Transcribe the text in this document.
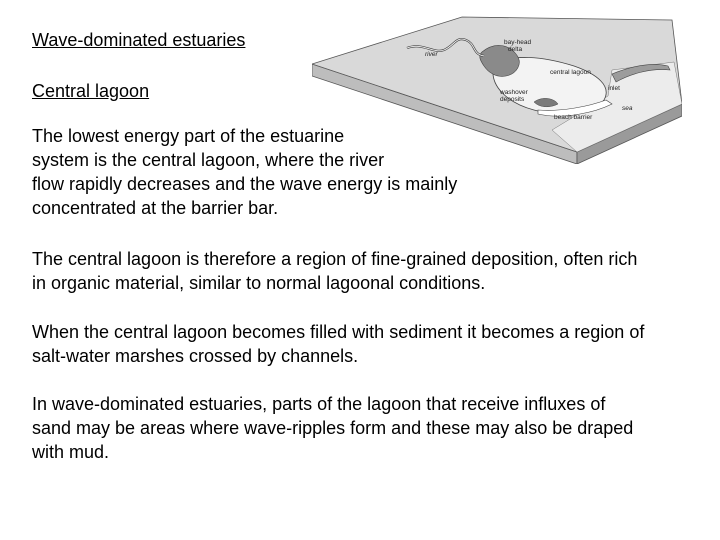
Wave-dominated estuaries
Central lagoon
river
bay-head
delta
central lagoon
washover
deposits
inlet
sea
beach barrier

The lowest energy part of the estuarine
system is the central lagoon, where the river
flow rapidly decreases and the wave energy is mainly
concentrated at the barrier bar.

The central lagoon is therefore a region of fine-grained deposition, often rich
in organic material, similar to normal lagoonal conditions.

When the central lagoon becomes filled with sediment it becomes a region of
salt-water marshes crossed by channels.

In wave-dominated estuaries, parts of the lagoon that receive influxes of
sand may be areas where wave-ripples form and these may also be draped
with mud.
